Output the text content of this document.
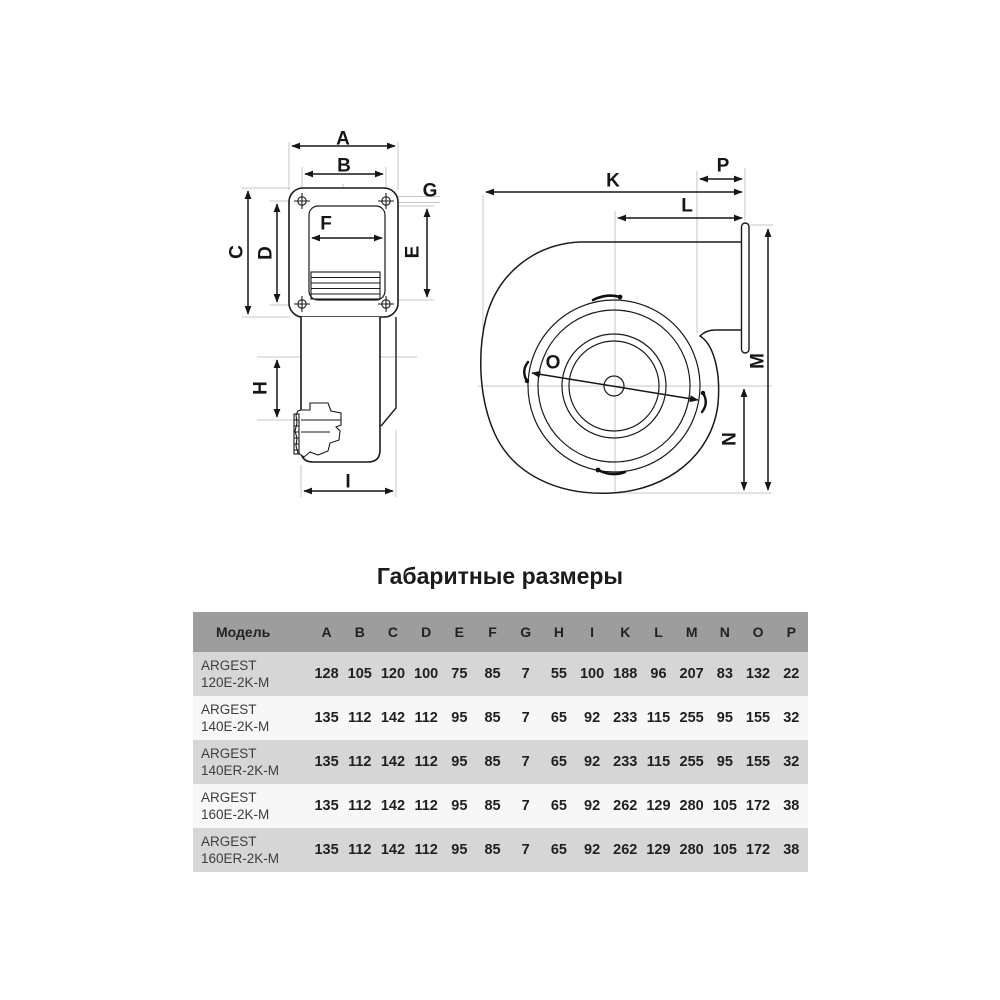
A
B
C D	E
F
G
H
I
K
L
P
M
N
O
Габаритные размеры
Модель	A	B	C	D	E	F	G	H	I	K	L	M	N	O	P

ARGEST
120E-2K-M	128	105	120	100	75	85	7	55	100	188	96	207	83	132	22

ARGEST
140E-2K-M	135	112	142	112	95	85	7	65	92	233	115	255	95	155	32

ARGEST
140ER-2K-M	135	112	142	112	95	85	7	65	92	233	115	255	95	155	32

ARGEST
160E-2K-M	135	112	142	112	95	85	7	65	92	262	129	280	105	172	38

ARGEST
160ER-2K-M	135	112	142	112	95	85	7	65	92	262	129	280	105	172	38
